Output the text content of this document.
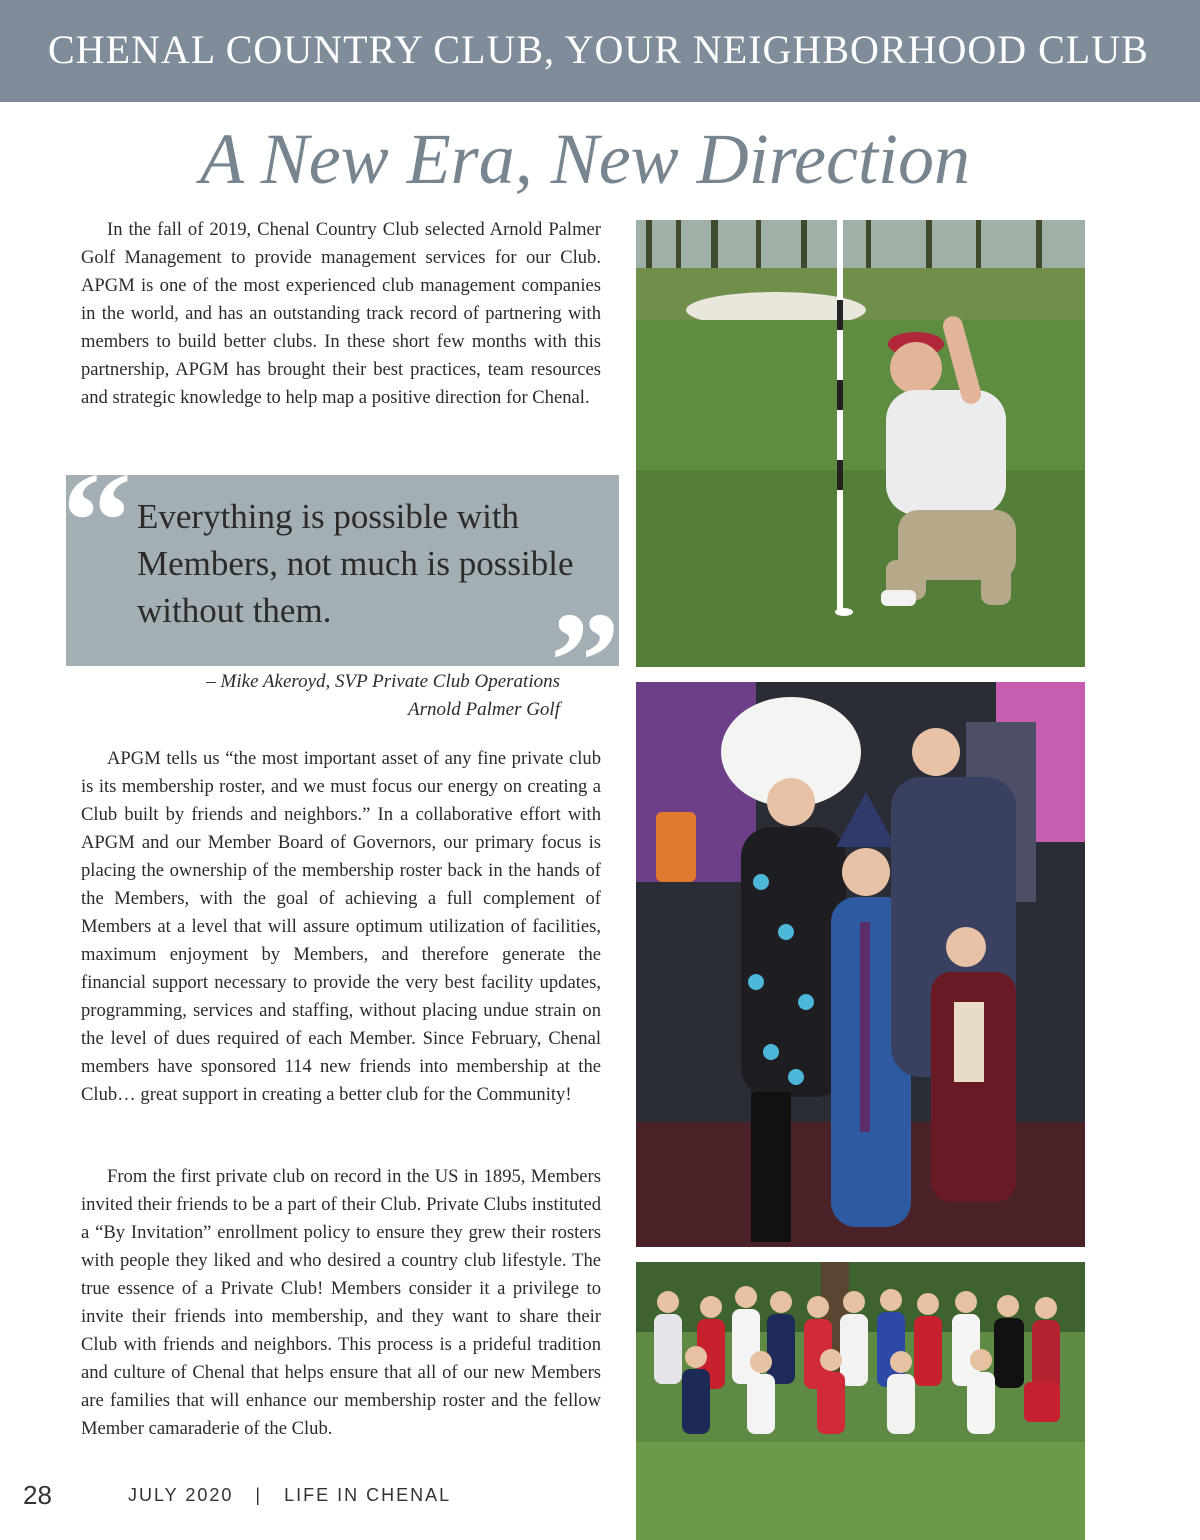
CHENAL COUNTRY CLUB, YOUR NEIGHBORHOOD CLUB
A New Era, New Direction

In the fall of 2019, Chenal Country Club selected Arnold Palmer Golf Management to provide management services for our Club. APGM is one of the most experienced club management companies in the world, and has an outstanding track record of partnering with members to build better clubs. In these short few months with this partnership, APGM has brought their best practices, team resources and strategic knowledge to help map a positive direction for Chenal.

“ Everything is possible with Members, not much is possible without them.	”
– Mike Akeroyd, SVP Private Club Operations
Arnold Palmer Golf

APGM tells us “the most important asset of any fine private club is its membership roster, and we must focus our energy on creating a Club built by friends and neighbors.” In a collaborative effort with APGM and our Member Board of Governors, our primary focus is placing the ownership of the membership roster back in the hands of the Members, with the goal of achieving a full complement of Members at a level that will assure optimum utilization of facilities, maximum enjoyment by Members, and therefore generate the financial support necessary to provide the very best facility updates, programming, services and staffing, without placing undue strain on the level of dues required of each Member. Since February, Chenal members have sponsored 114 new friends into membership at the Club… great support in creating a better club for the Community!

From the first private club on record in the US in 1895, Members invited their friends to be a part of their Club. Private Clubs instituted a “By Invitation” enrollment policy to ensure they grew their rosters with people they liked and who desired a country club lifestyle. The true essence of a Private Club! Members consider it a privilege to invite their friends into membership, and they want to share their Club with friends and neighbors. This process is a prideful tradition and culture of Chenal that helps ensure that all of our new Members are families that will enhance our membership roster and the fellow Member camaraderie of the Club.

28	JULY 2020 | LIFE IN CHENAL
